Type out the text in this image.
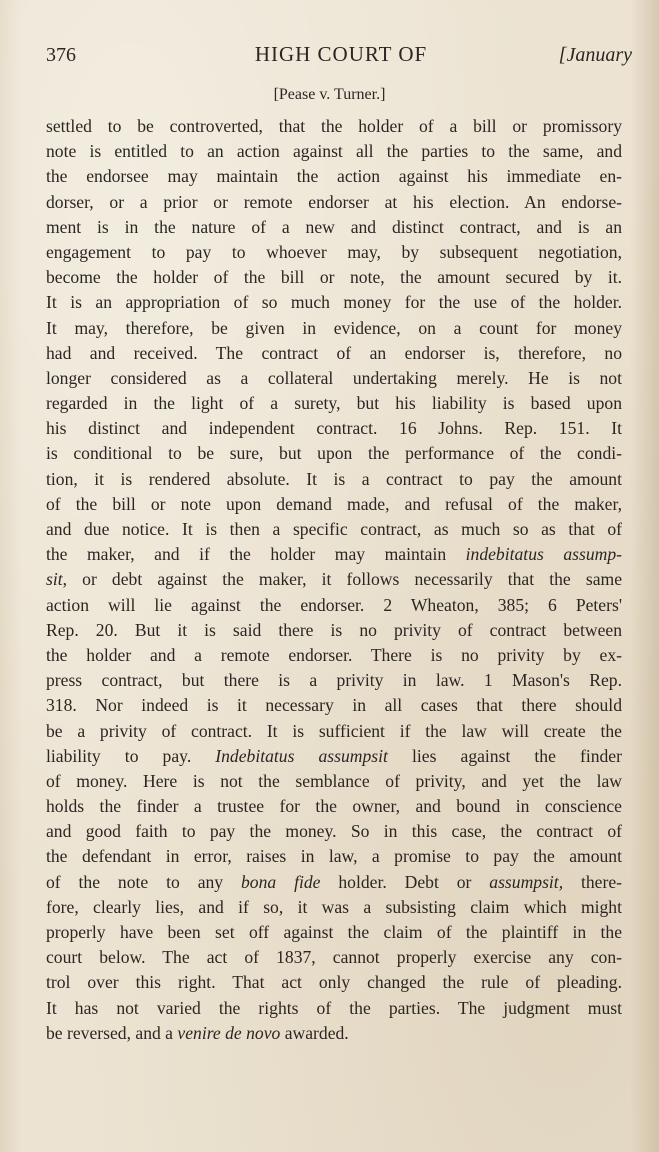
376	HIGH COURT OF	[January
[Pease v. Turner.]
settled to be controverted, that the holder of a bill or promissory
note is entitled to an action against all the parties to the same, and
the endorsee may maintain the action against his immediate en-
dorser, or a prior or remote endorser at his election. An endorse-
ment is in the nature of a new and distinct contract, and is an
engagement to pay to whoever may, by subsequent negotiation,
become the holder of the bill or note, the amount secured by it.
It is an appropriation of so much money for the use of the holder.
It may, therefore, be given in evidence, on a count for money
had and received. The contract of an endorser is, therefore, no
longer considered as a collateral undertaking merely. He is not
regarded in the light of a surety, but his liability is based upon
his distinct and independent contract. 16 Johns. Rep. 151. It
is conditional to be sure, but upon the performance of the condi-
tion, it is rendered absolute. It is a contract to pay the amount
of the bill or note upon demand made, and refusal of the maker,
and due notice. It is then a specific contract, as much so as that of
the maker, and if the holder may maintain indebitatus assump-
sit, or debt against the maker, it follows necessarily that the same
action will lie against the endorser. 2 Wheaton, 385; 6 Peters'
Rep. 20. But it is said there is no privity of contract between
the holder and a remote endorser. There is no privity by ex-
press contract, but there is a privity in law. 1 Mason's Rep.
318. Nor indeed is it necessary in all cases that there should
be a privity of contract. It is sufficient if the law will create the
liability to pay. Indebitatus assumpsit lies against the finder
of money. Here is not the semblance of privity, and yet the law
holds the finder a trustee for the owner, and bound in conscience
and good faith to pay the money. So in this case, the contract of
the defendant in error, raises in law, a promise to pay the amount
of the note to any bona fide holder. Debt or assumpsit, there-
fore, clearly lies, and if so, it was a subsisting claim which might
properly have been set off against the claim of the plaintiff in the
court below. The act of 1837, cannot properly exercise any con-
trol over this right. That act only changed the rule of pleading.
It has not varied the rights of the parties. The judgment must
be reversed, and a venire de novo awarded.
